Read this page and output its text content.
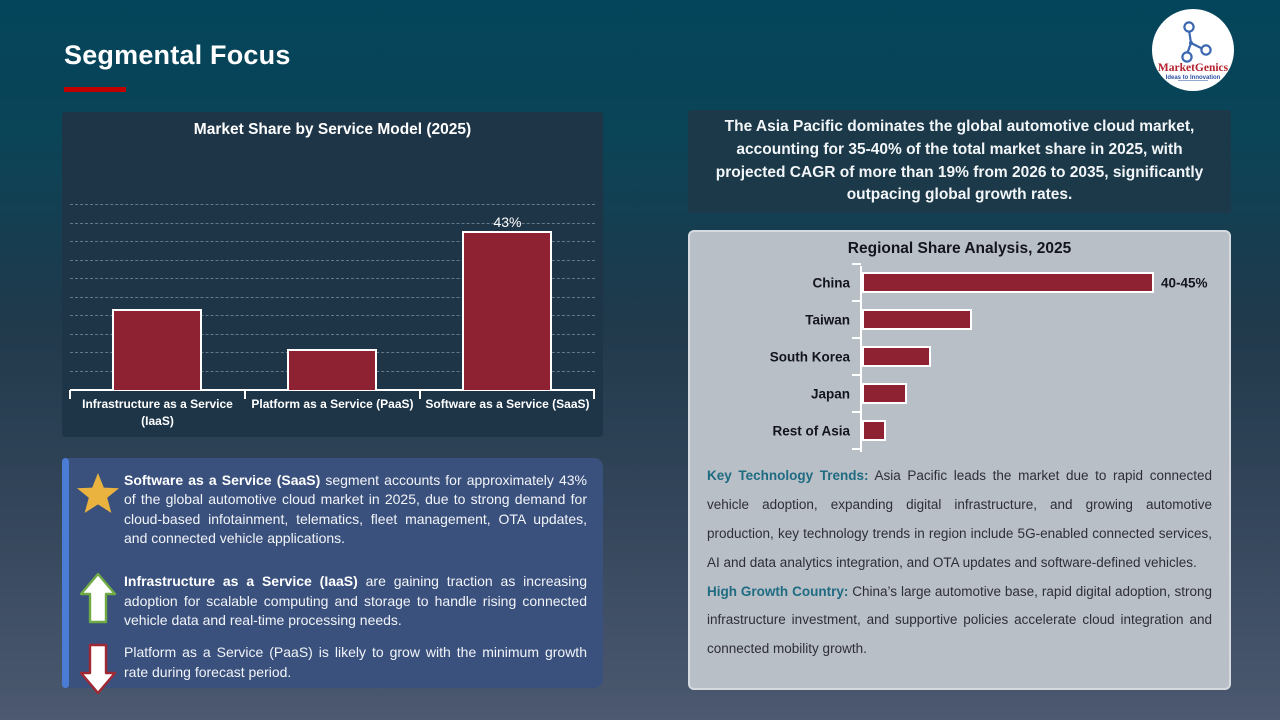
Segmental Focus	MarketGenics
Ideas to Innovation
Market Share by Service Model (2025)
43%
Infrastructure as a Service (IaaS)
Platform as a Service (PaaS) Software as a Service (SaaS)

Software as a Service (SaaS) segment accounts for approximately 43% of the global automotive cloud market in 2025, due to strong demand for cloud-based infotainment, telematics, fleet management, OTA updates, and connected vehicle applications.

Infrastructure as a Service (IaaS) are gaining traction as increasing adoption for scalable computing and storage to handle rising connected vehicle data and real-time processing needs.

Platform as a Service (PaaS) is likely to grow with the minimum growth rate during forecast period.

The Asia Pacific dominates the global automotive cloud market, accounting for 35-40% of the total market share in 2025, with projected CAGR of more than 19% from 2026 to 2035, significantly outpacing global growth rates.

Regional Share Analysis, 2025
China	40-45%
Taiwan
South Korea
Japan
Rest of Asia

Key Technology Trends: Asia Pacific leads the market due to rapid connected vehicle adoption, expanding digital infrastructure, and growing automotive production, key technology trends in region include 5G-enabled connected services, AI and data analytics integration, and OTA updates and software-defined vehicles.

High Growth Country: China’s large automotive base, rapid digital adoption, strong infrastructure investment, and supportive policies accelerate cloud integration and connected mobility growth.
